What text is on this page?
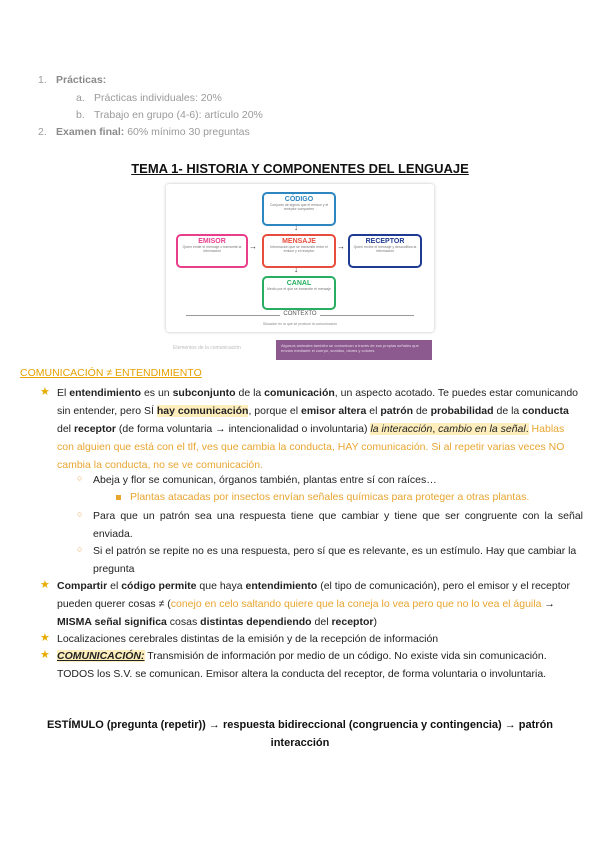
1. Prácticas:
a. Prácticas individuales: 20%
b. Trabajo en grupo (4-6): artículo 20%
2. Examen final: 60% mínimo 30 preguntas
TEMA 1- HISTORIA Y COMPONENTES DEL LENGUAJE
CÓDIGO
Conjunto de signos que el emisor y el receptor comparten
↓
EMISOR
Quien emite el mensaje o transmite la información	→
MENSAJE
Información que se transmite entre el emisor y el receptor	→
RECEPTOR
Quien recibe el mensaje y descodifica la información
↓
CANAL
Medio por el que se transmite el mensaje
CONTEXTO
Situación en la que se produce la comunicación
Elementos de la comunicación	Algunos animales también se comunican a través de sus propias señales que envían mediante el cuerpo, sonidos, olores y colores
COMUNICACIÓN ≠ ENTENDIMIENTO
★ El entendimiento es un subconjunto de la comunicación, un aspecto acotado. Te puedes estar comunicando sin entender, pero SÍ hay comunicación, porque el emisor altera el patrón de probabilidad de la conducta del receptor (de forma voluntaria → intencionalidad o involuntaria) la interacción, cambio en la señal. Hablas con alguien que está con el tlf, ves que cambia la conducta, HAY comunicación. Si al repetir varias veces NO cambia la conducta, no se ve comunicación.
○ Abeja y flor se comunican, órganos también, plantas entre sí con raíces…
Plantas atacadas por insectos envían señales químicas para proteger a otras plantas.
○ Para que un patrón sea una respuesta tiene que cambiar y tiene que ser congruente con la señal enviada.
○ Si el patrón se repite no es una respuesta, pero sí que es relevante, es un estímulo. Hay que cambiar la pregunta
★ Compartir el código permite que haya entendimiento (el tipo de comunicación), pero el emisor y el receptor pueden querer cosas ≠ (conejo en celo saltando quiere que la coneja lo vea pero que no lo vea el águila → MISMA señal significa cosas distintas dependiendo del receptor)
★ Localizaciones cerebrales distintas de la emisión y de la recepción de información
★ COMUNICACIÓN: Transmisión de información por medio de un código. No existe vida sin comunicación. TODOS los S.V. se comunican. Emisor altera la conducta del receptor, de forma voluntaria o involuntaria.
ESTÍMULO (pregunta (repetir)) → respuesta bidireccional (congruencia y contingencia) → patrón interacción
